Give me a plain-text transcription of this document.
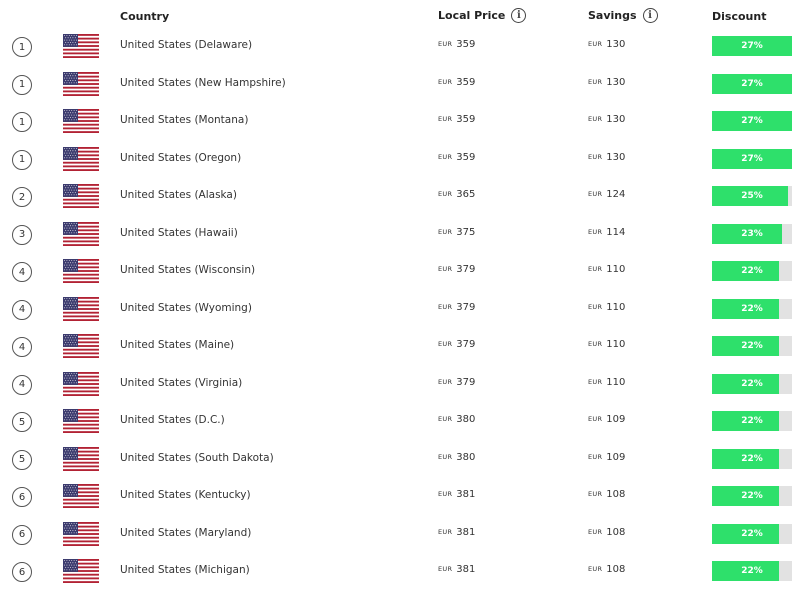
Country	Local Price	i	Savings	i	Discount
1	United States (Delaware)	EUR 359	EUR 130	27%
1	United States (New Hampshire)	EUR 359	EUR 130	27%
1	United States (Montana)	EUR 359	EUR 130	27%
1	United States (Oregon)	EUR 359	EUR 130	27%
2	United States (Alaska)	EUR 365	EUR 124	25%
3	United States (Hawaii)	EUR 375	EUR 114	23%
4	United States (Wisconsin)	EUR 379	EUR 110	22%
4	United States (Wyoming)	EUR 379	EUR 110	22%
4	United States (Maine)	EUR 379	EUR 110	22%
4	United States (Virginia)	EUR 379	EUR 110	22%
5	United States (D.C.)	EUR 380	EUR 109	22%
5	United States (South Dakota)	EUR 380	EUR 109	22%
6	United States (Kentucky)	EUR 381	EUR 108	22%
6	United States (Maryland)	EUR 381	EUR 108	22%
6	United States (Michigan)	EUR 381	EUR 108	22%
